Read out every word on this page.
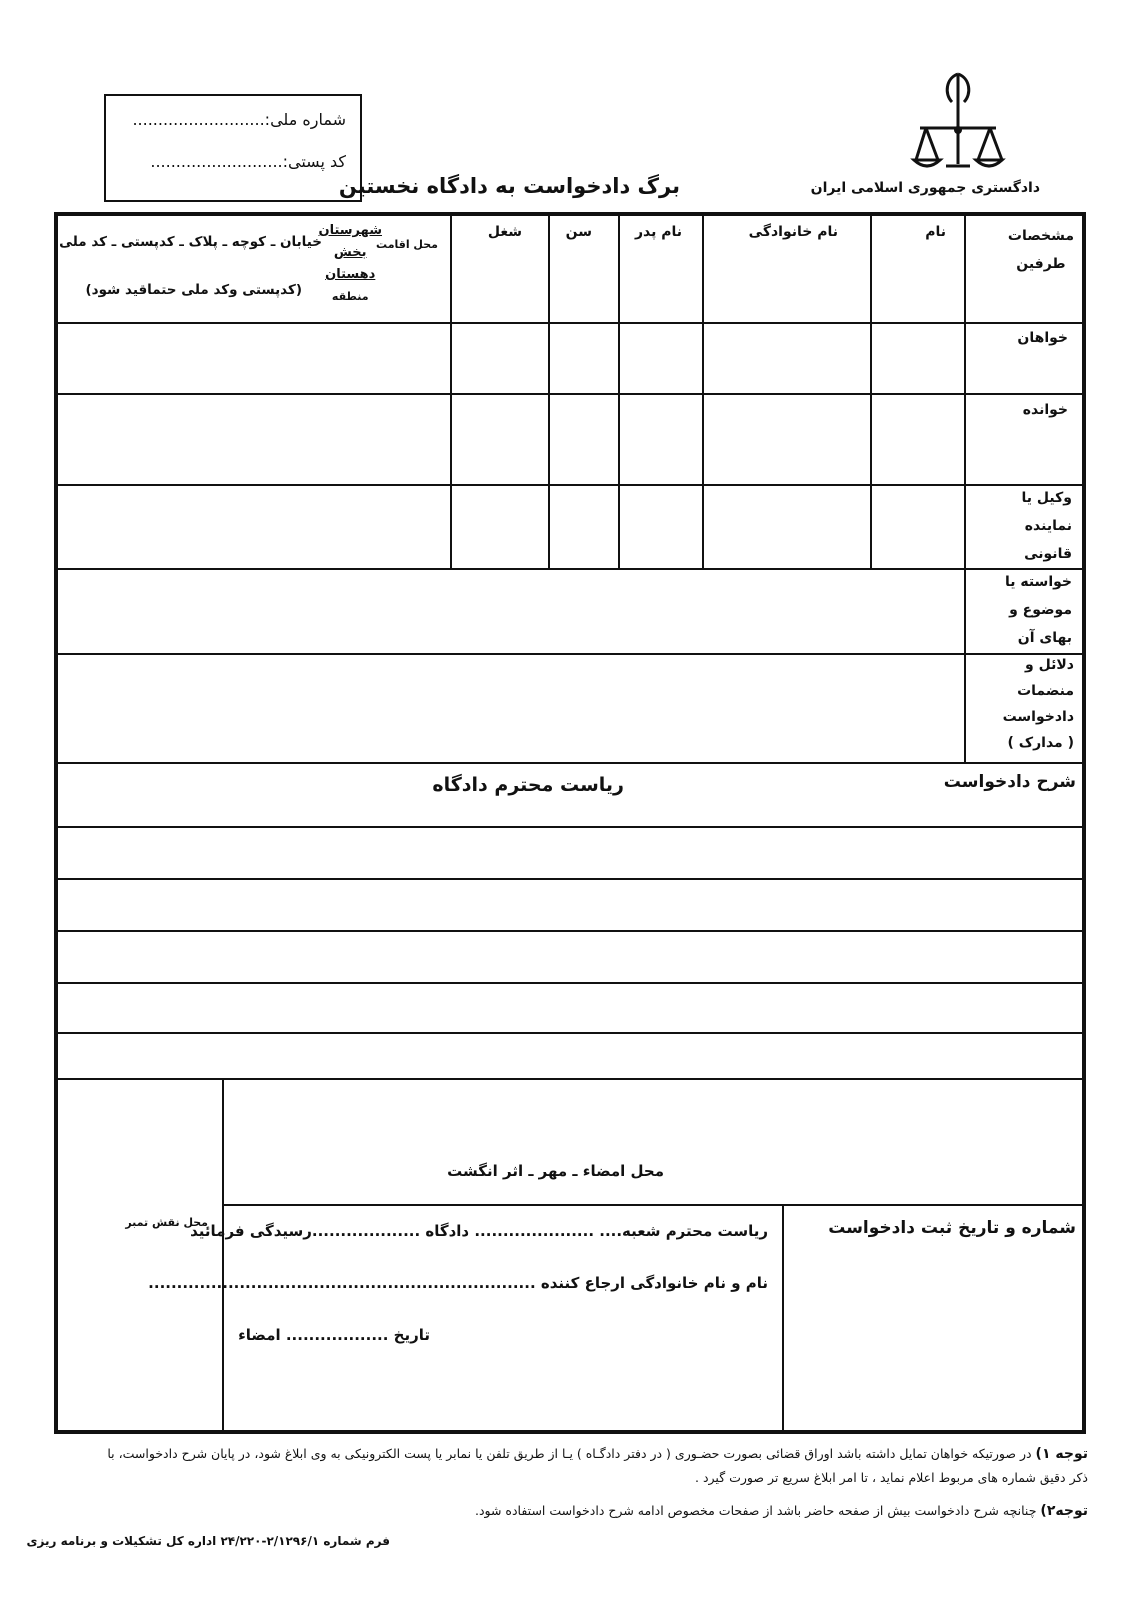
دادگستری جمهوری اسلامی ایران
برگ دادخواست به دادگاه نخستین
شماره ملی:..........................
کد پستی:..........................
مشخصات
طرفین
نام
نام خانوادگی
نام پدر
سن
شغل
محل اقامت
شهرستان
بخش
دهستان
منطقه
خیابان ـ کوچه ـ پلاک ـ کدپستی ـ کد ملی
(کدپستی وکد ملی حتماقید شود)
خواهان
خوانده
وکیل یا
نماینده
قانونی
خواسته یا
موضوع و
بهای آن
دلائل و
منضمات
دادخواست
( مدارک )
شرح دادخواست
ریاست محترم دادگاه
محل امضاء ـ مهر ـ اثر انگشت
محل نقش تمبر	شماره و تاریخ ثبت دادخواست
ریاست محترم شعبه.... ..................... دادگاه ...................رسیدگی فرمائید
نام و نام خانوادگی ارجاع کننده ....................................................................
تاریخ .................. امضاء
توجه ۱) در صورتیکه خواهان تمایل داشته باشد اوراق قضائی بصورت حضـوری ( در دفتر دادگـاه ) یـا از طریق تلفن یا نمابر یا پست الکترونیکی به وی ابلاغ شود، در پایان شرح دادخواست، با
ذکر دقیق شماره های مربوط اعلام نماید ، تا امر ابلاغ سریع تر صورت گیرد .
توجه۲) چنانچه شرح دادخواست بیش از صفحه حاضر باشد از صفحات مخصوص ادامه شرح دادخواست استفاده شود.
فرم شماره ۲/۱۲۹۶/۱-۲۴/۲۲۰ اداره کل تشکیلات و برنامه ریزی
